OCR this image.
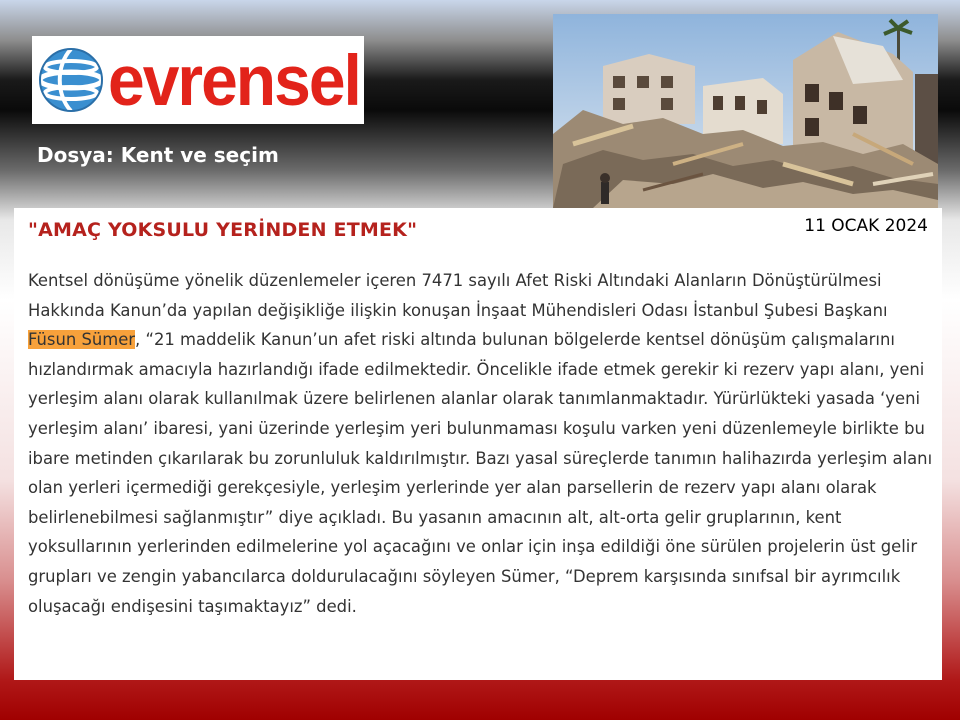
evrensel
Dosya: Kent ve seçim
"AMAÇ YOKSULU YERİNDEN ETMEK"	11 OCAK 2024
Kentsel dönüşüme yönelik düzenlemeler içeren 7471 sayılı Afet Riski Altındaki Alanların Dönüştürülmesi Hakkında Kanun’da yapılan değişikliğe ilişkin konuşan İnşaat Mühendisleri Odası İstanbul Şubesi Başkanı Füsun Sümer, “21 maddelik Kanun’un afet riski altında bulunan bölgelerde kentsel dönüşüm çalışmalarını hızlandırmak amacıyla hazırlandığı ifade edilmektedir. Öncelikle ifade etmek gerekir ki rezerv yapı alanı, yeni yerleşim alanı olarak kullanılmak üzere belirlenen alanlar olarak tanımlanmaktadır. Yürürlükteki yasada ‘yeni yerleşim alanı’ ibaresi, yani üzerinde yerleşim yeri bulunmaması koşulu varken yeni düzenlemeyle birlikte bu ibare metinden çıkarılarak bu zorunluluk kaldırılmıştır. Bazı yasal süreçlerde tanımın halihazırda yerleşim alanı olan yerleri içermediği gerekçesiyle, yerleşim yerlerinde yer alan parsellerin de rezerv yapı alanı olarak belirlenebilmesi sağlanmıştır” diye açıkladı. Bu yasanın amacının alt, alt-orta gelir gruplarının, kent yoksullarının yerlerinden edilmelerine yol açacağını ve onlar için inşa edildiği öne sürülen projelerin üst gelir grupları ve zengin yabancılarca doldurulacağını söyleyen Sümer, “Deprem karşısında sınıfsal bir ayrımcılık oluşacağı endişesini taşımaktayız” dedi.
